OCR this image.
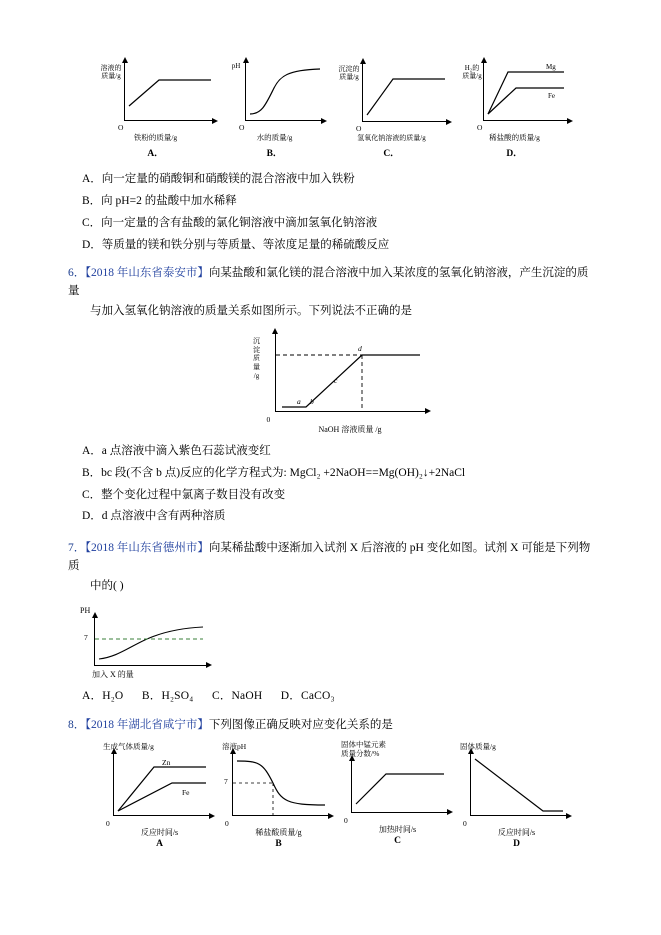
溶液的
质量/g
O
铁粉的质量/g
A．
pH
O
水的质量/g
B．
沉淀的
质量/g
O
氢氧化钠溶液的质量/g
C．
H₂的
质量/g
Mg
Fe
O
稀盐酸的质量/g
D．
A．向一定量的硝酸铜和硝酸镁的混合溶液中加入铁粉
B．向 pH=2 的盐酸中加水稀释
C．向一定量的含有盐酸的氯化铜溶液中滴加氢氧化钠溶液
D．等质量的镁和铁分别与等质量、等浓度足量的稀硫酸反应
6．【2018 年山东省泰安市】向某盐酸和氯化镁的混合溶液中加入某浓度的氢氧化钠溶液，产生沉淀的质量
与加入氢氧化钠溶液的质量关系如图所示。下列说法不正确的是
沉
淀
质
量
/g
a b
c
d
0
NaOH 溶液质量 /g
A．a 点溶液中滴入紫色石蕊试液变红
B．bc 段(不含 b 点)反应的化学方程式为: MgCl₂ +2NaOH==Mg(OH)₂↓+2NaCl
C．整个变化过程中氯离子数目没有改变
D．d 点溶液中含有两种溶质
7．【2018 年山东省德州市】向某稀盐酸中逐渐加入试剂 X 后溶液的 pH 变化如图。试剂 X 可能是下列物质
中的( )
PH
7
加入 X 的量
A．H₂O B．H₂SO₄ C．NaOH D．CaCO₃
8．【2018 年湖北省咸宁市】下列图像正确反映对应变化关系的是
生成气体质量/g
Zn
Fe
0
反应时间/s
A
溶液pH
7
0
稀盐酸质量/g
B
固体中锰元素
质量分数/%
0
加热时间/s
C
固体质量/g
0
反应时间/s
D
